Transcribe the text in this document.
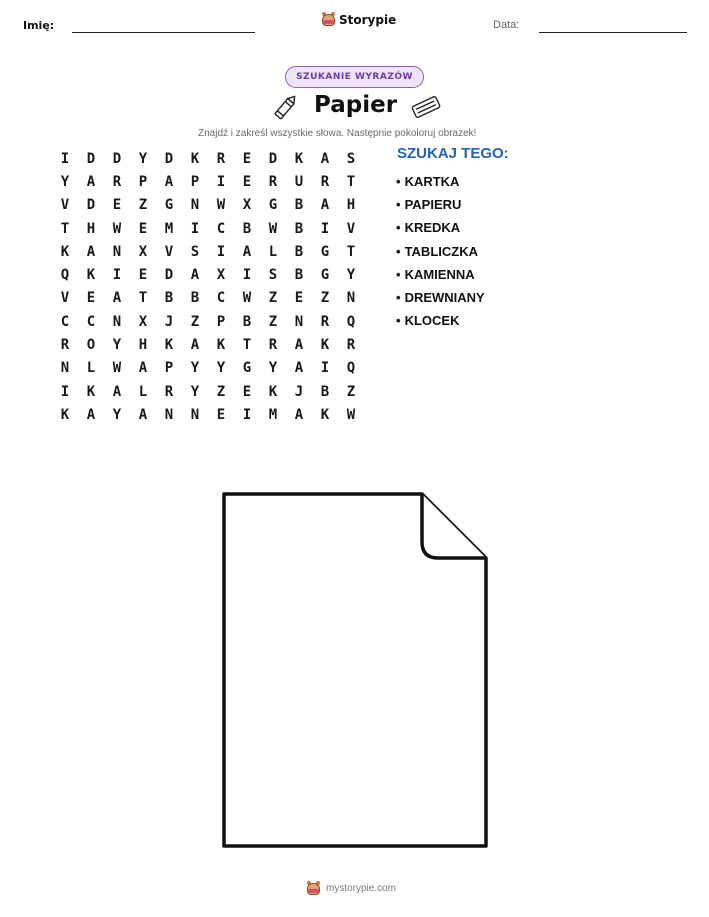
Imię:	Storypie	Data:
SZUKANIE WYRAZÓW
Papier
Znajdź i zakreśl wszystkie słowa. Następnie pokoloruj obrazek!
I	D	D	Y	D	K	R	E	D	K	A	S
Y	A	R	P	A	P	I	E	R	U	R	T
V	D	E	Z	G	N	W	X	G	B	A	H
T	H	W	E	M	I	C	B	W	B	I	V
K	A	N	X	V	S	I	A	L	B	G	T
Q	K	I	E	D	A	X	I	S	B	G	Y
V	E	A	T	B	B	C	W	Z	E	Z	N
C	C	N	X	J	Z	P	B	Z	N	R	Q
R	O	Y	H	K	A	K	T	R	A	K	R
N	L	W	A	P	Y	Y	G	Y	A	I	Q
I	K	A	L	R	Y	Z	E	K	J	B	Z
K	A	Y	A	N	N	E	I	M	A	K	W
SZUKAJ TEGO:
• KARTKA
• PAPIERU
• KREDKA
• TABLICZKA
• KAMIENNA
• DREWNIANY
• KLOCEK
mystorypie.com
